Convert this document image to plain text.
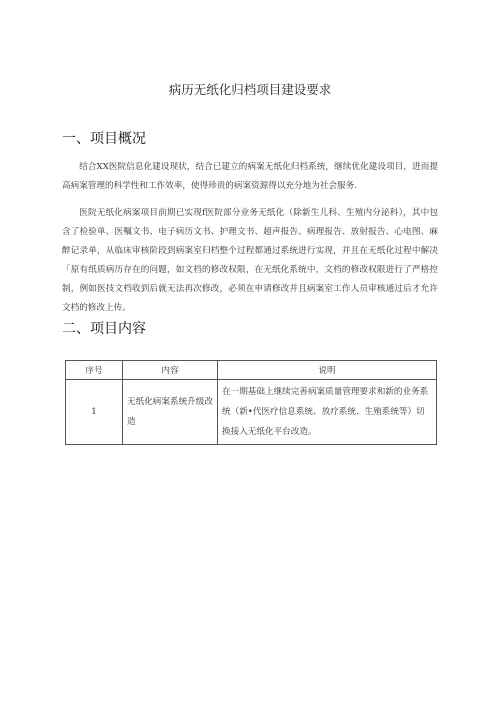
病历无纸化归档项目建设要求
一、项目概况

结合XX医院信息化建设现状，结合已建立的病案无纸化归档系统，继续优化建设项目，进而提高病案管理的科学性和工作效率，使得珍贵的病案资源得以充分地为社会服务.

医院无纸化病案项目前期已实现f医院部分业务无纸化（除新生儿科、生殖内分泌科），其中包含了检验单、医嘱文书、电子病历文书、护理文书、超声报告、病理报告、放射报告、心电图、麻醉记录单，从临床审核阶段到病案室归档整个过程都通过系统进行实现，并且在无纸化过程中解决「原有纸质病历存在的问题，如文档的修改权限，在无纸化系统中，文档的修改权限进行了严格控制，例如医技文档收到后就无法再次修改，必须在申请修改并且病案室工作人员审核通过后才允许文档的修改上传。

二、项目内容
序号	内容	说明
1	无纸化病案系统升级改造	在一期基础上继续完善病案质量管理要求和新的业务系统（新•代医疗信息系统、放疗系统、生殖系统等）切换接入无纸化平台改造。
